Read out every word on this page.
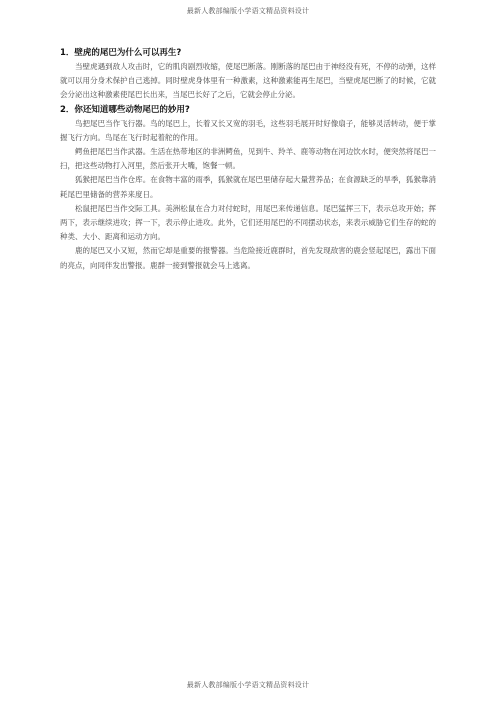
最新人教部编版小学语文精品资料设计

1．壁虎的尾巴为什么可以再生?

当壁虎遇到敌人攻击时，它的肌肉剧烈收缩，使尾巴断落。刚断落的尾巴由于神经没有死，不停的动弹，这样就可以用分身术保护自己逃掉。同时壁虎身体里有一种激素，这种激素能再生尾巴，当壁虎尾巴断了的时候，它就会分泌出这种激素使尾巴长出来，当尾巴长好了之后，它就会停止分泌。

2．你还知道哪些动物尾巴的妙用?

鸟把尾巴当作飞行器。鸟的尾巴上，长着又长又宽的羽毛，这些羽毛展开时好像扇子，能够灵活转动，便于掌握飞行方向。鸟尾在飞行时起着舵的作用。

鳄鱼把尾巴当作武器。生活在热带地区的非洲鳄鱼，见到牛、羚羊、鹿等动物在河边饮水时，便突然将尾巴一扫，把这些动物打入河里，然后张开大嘴，饱餐一顿。

狐猴把尾巴当作仓库。在食物丰富的雨季，狐猴就在尾巴里储存起大量营养品；在食源缺乏的旱季，狐猴靠消耗尾巴里储备的营养来度日。

松鼠把尾巴当作交际工具。美洲松鼠在合力对付蛇时，用尾巴来传递信息。尾巴猛挥三下，表示总攻开始；挥两下，表示继续进攻；挥一下，表示停止进攻。此外，它们还用尾巴的不同摆动状态，来表示威胁它们生存的蛇的种类、大小、距离和运动方向。

鹿的尾巴又小又短，然而它却是重要的报警器。当危险接近鹿群时，首先发现敌害的鹿会竖起尾巴，露出下面的亮点，向同伴发出警报。鹿群一接到警报就会马上逃离。

最新人教部编版小学语文精品资料设计
